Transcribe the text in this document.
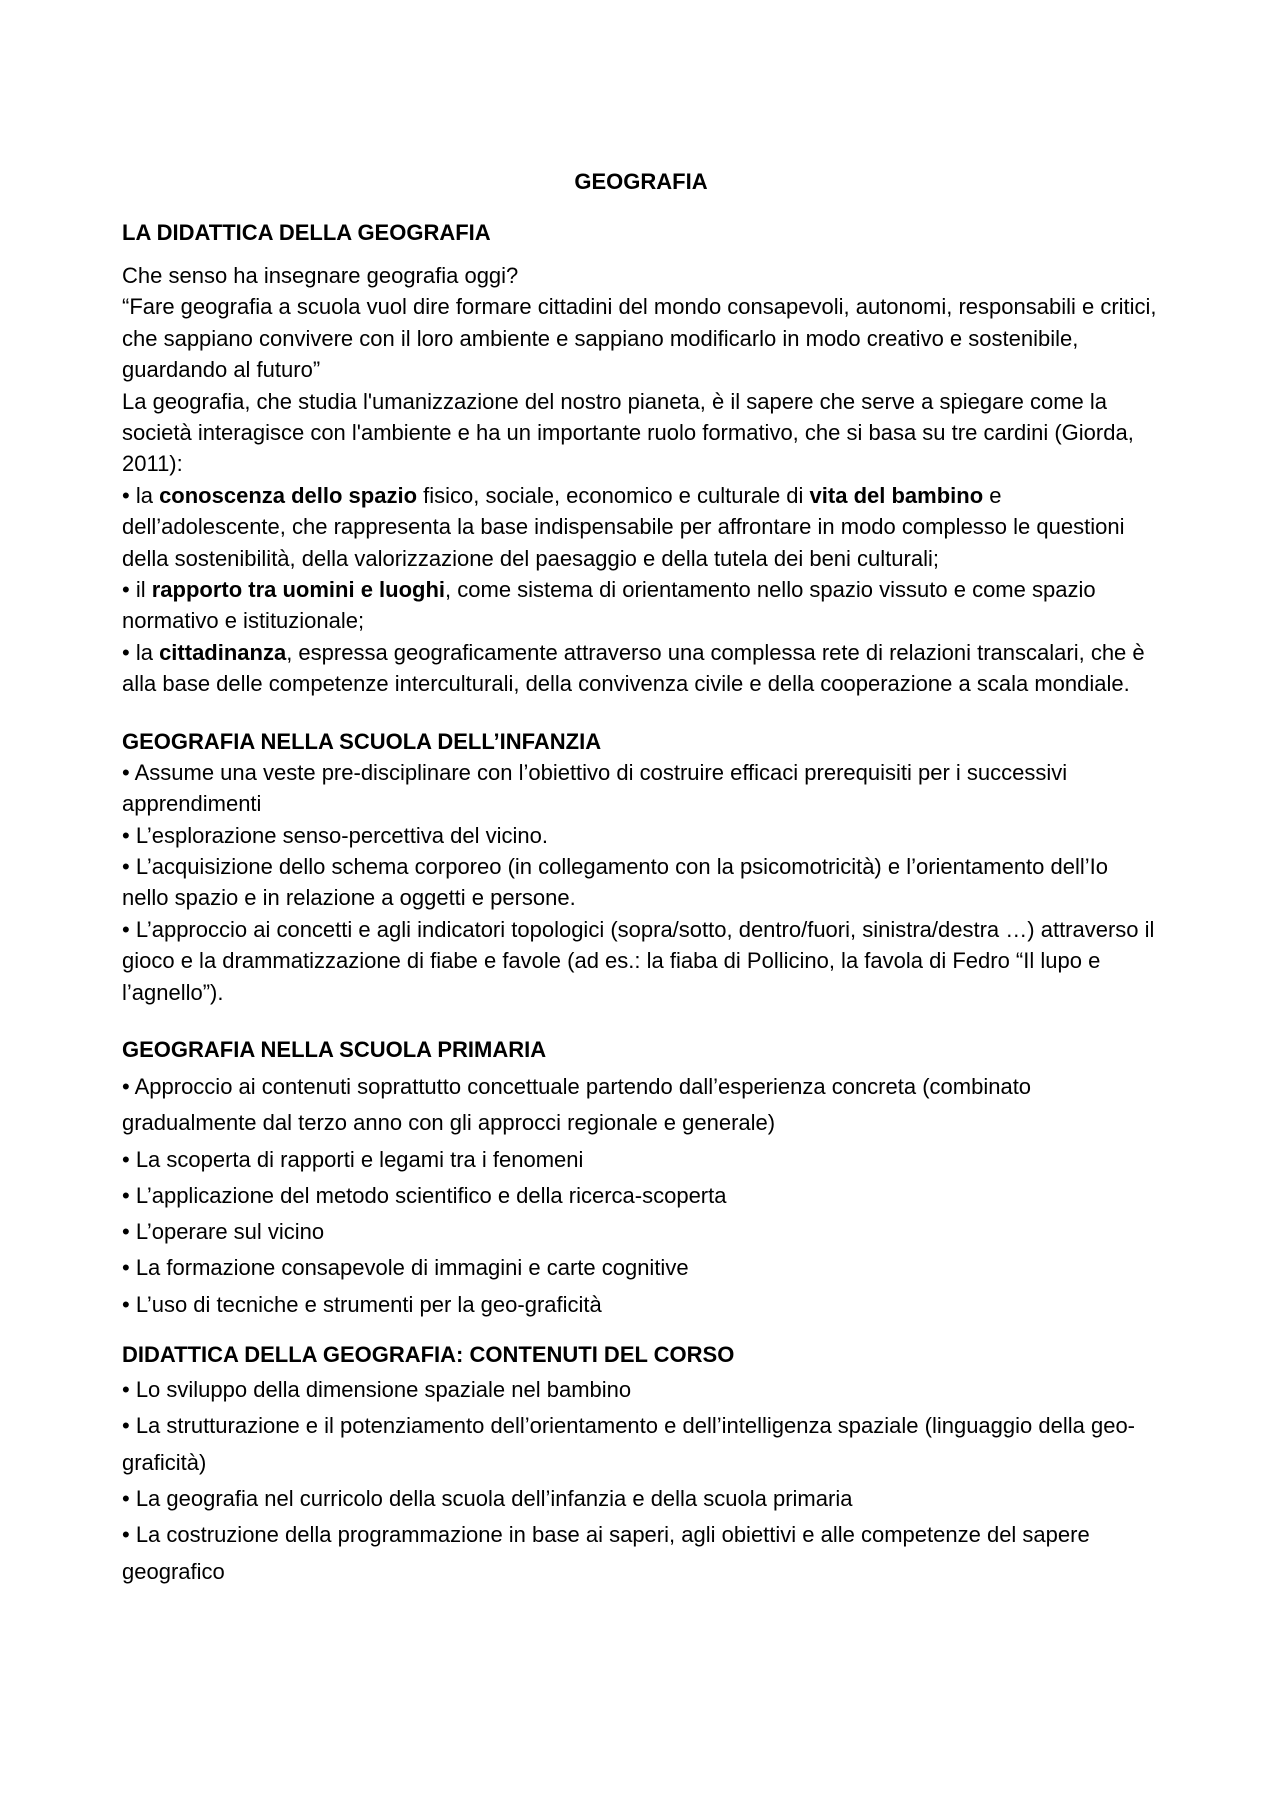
GEOGRAFIA
LA DIDATTICA DELLA GEOGRAFIA

Che senso ha insegnare geografia oggi?

“Fare geografia a scuola vuol dire formare cittadini del mondo consapevoli, autonomi, responsabili e critici, che sappiano convivere con il loro ambiente e sappiano modificarlo in modo creativo e sostenibile, guardando al futuro”

La geografia, che studia l'umanizzazione del nostro pianeta, è il sapere che serve a spiegare come la società interagisce con l'ambiente e ha un importante ruolo formativo, che si basa su tre cardini (Giorda, 2011):

• la conoscenza dello spazio fisico, sociale, economico e culturale di vita del bambino e dell’adolescente, che rappresenta la base indispensabile per affrontare in modo complesso le questioni della sostenibilità, della valorizzazione del paesaggio e della tutela dei beni culturali;

• il rapporto tra uomini e luoghi, come sistema di orientamento nello spazio vissuto e come spazio normativo e istituzionale;

• la cittadinanza, espressa geograficamente attraverso una complessa rete di relazioni transcalari, che è alla base delle competenze interculturali, della convivenza civile e della cooperazione a scala mondiale.

GEOGRAFIA NELLA SCUOLA DELL’INFANZIA

• Assume una veste pre-disciplinare con l’obiettivo di costruire efficaci prerequisiti per i successivi apprendimenti

• L’esplorazione senso-percettiva del vicino.

• L’acquisizione dello schema corporeo (in collegamento con la psicomotricità) e l’orientamento dell’Io nello spazio e in relazione a oggetti e persone.

• L’approccio ai concetti e agli indicatori topologici (sopra/sotto, dentro/fuori, sinistra/destra …) attraverso il gioco e la drammatizzazione di fiabe e favole (ad es.: la fiaba di Pollicino, la favola di Fedro “Il lupo e l’agnello”).

GEOGRAFIA NELLA SCUOLA PRIMARIA

• Approccio ai contenuti soprattutto concettuale partendo dall’esperienza concreta (combinato gradualmente dal terzo anno con gli approcci regionale e generale)

• La scoperta di rapporti e legami tra i fenomeni

• L’applicazione del metodo scientifico e della ricerca-scoperta

• L’operare sul vicino

• La formazione consapevole di immagini e carte cognitive

• L’uso di tecniche e strumenti per la geo-graficità

DIDATTICA DELLA GEOGRAFIA: CONTENUTI DEL CORSO

• Lo sviluppo della dimensione spaziale nel bambino

• La strutturazione e il potenziamento dell’orientamento e dell’intelligenza spaziale (linguaggio della geo-graficità)

• La geografia nel curricolo della scuola dell’infanzia e della scuola primaria

• La costruzione della programmazione in base ai saperi, agli obiettivi e alle competenze del sapere geografico
